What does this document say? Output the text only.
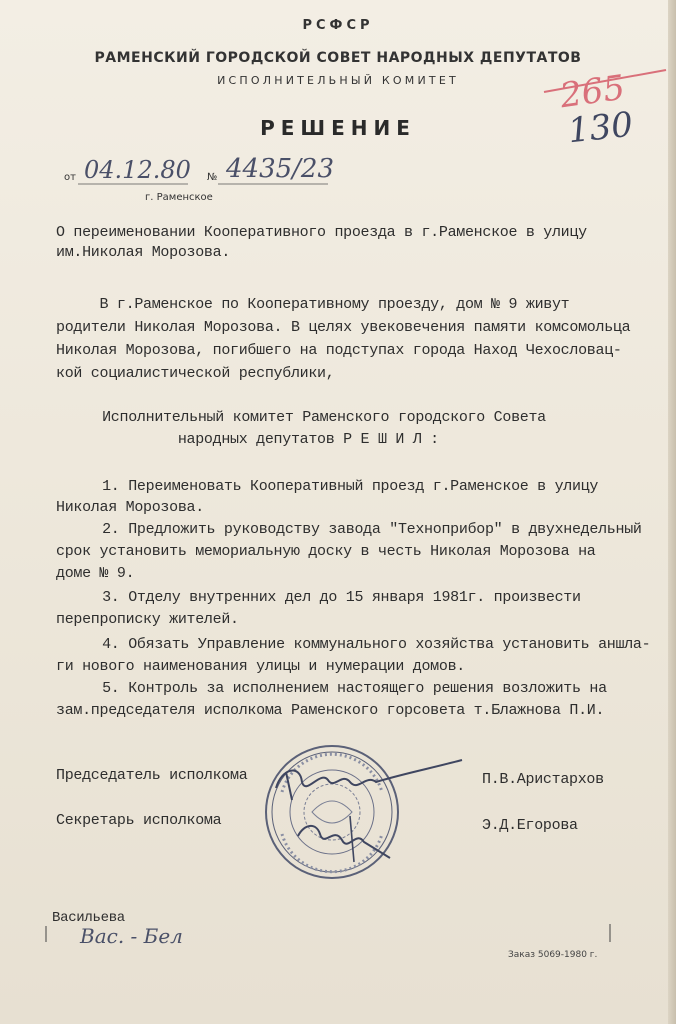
РСФСР
РАМЕНСКИЙ ГОРОДСКОЙ СОВЕТ НАРОДНЫХ ДЕПУТАТОВ
ИСПОЛНИТЕЛЬНЫЙ КОМИТЕТ	265
130
РЕШЕНИЕ
от 04.12.80 № 4435/23
г. Раменское
О переименовании Кооперативного проезда в г.Раменское в улицу
им.Николая Морозова.
В г.Раменское по Кооперативному проезду, дом № 9 живут
родители Николая Морозова. В целях увековечения памяти комсомольца
Николая Морозова, погибшего на подступах города Наход Чехословац-
кой социалистической республики,
Исполнительный комитет Раменского городского Совета
народных депутатов Р Е Ш И Л :
1. Переименовать Кооперативный проезд г.Раменское в улицу
Николая Морозова.
2. Предложить руководству завода "Технoприбор" в двухнедельный
срок установить мемориальную доску в честь Николая Морозова на
доме № 9.
3. Отделу внутренних дел до 15 января 1981г. произвести
перепрописку жителей.
4. Обязать Управление коммунального хозяйства установить аншла-
ги нового наименования улицы и нумерации домов.
5. Контроль за исполнением настоящего решения возложить на
зам.председателя исполкома Раменского горсовета т.Блажнова П.И.
Председатель исполкома	П.В.Аристархов
Секретарь исполкома	Э.Д.Егорова
Васильева
Вас. - Бел
Заказ 5069-1980 г.
